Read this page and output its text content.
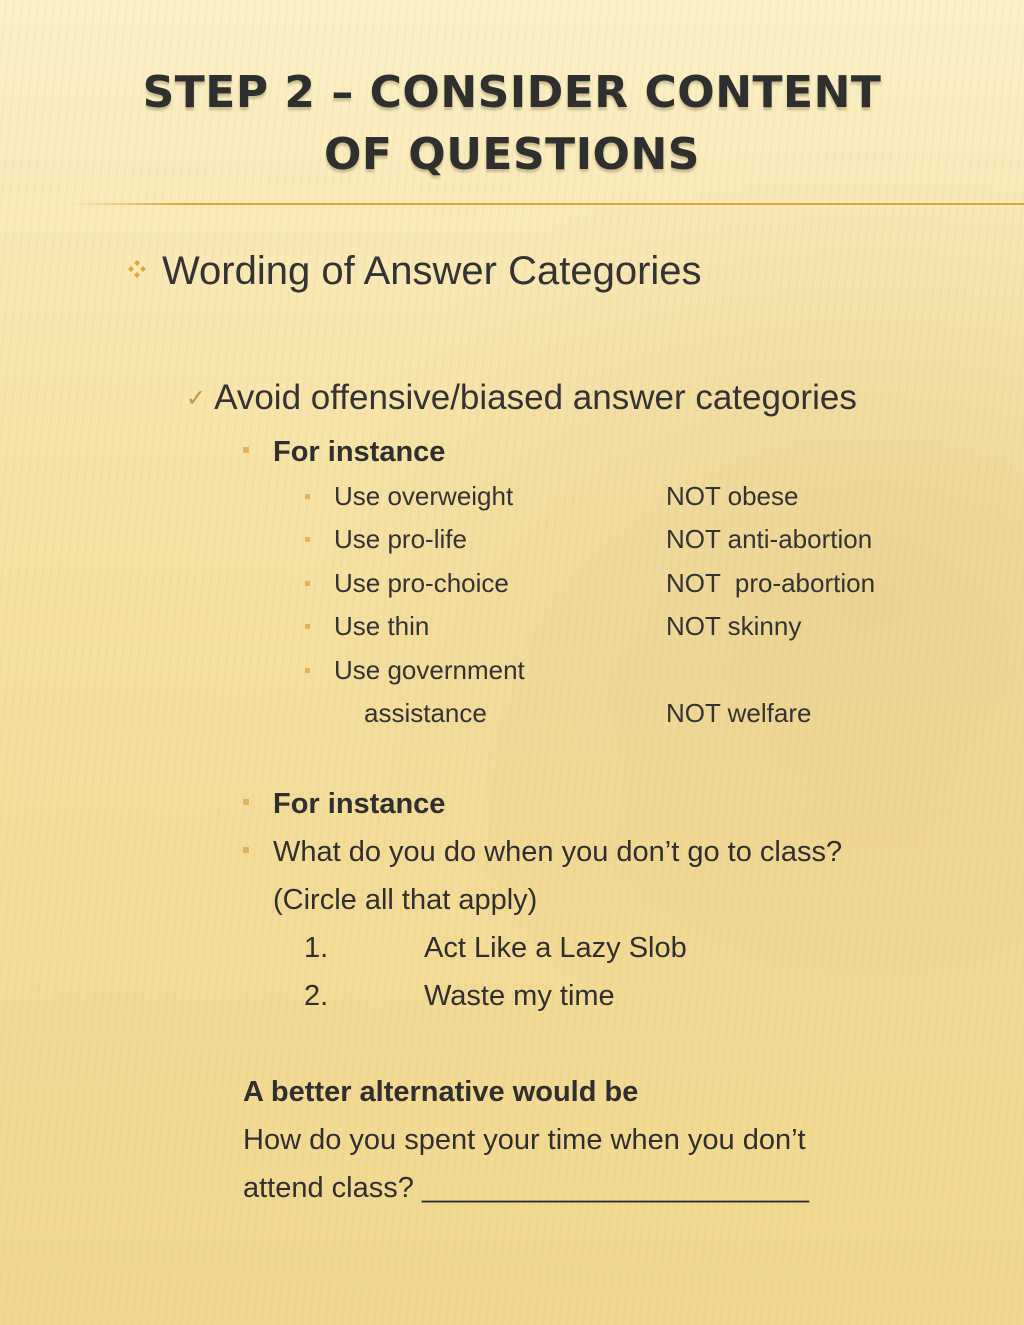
STEP 2 – CONSIDER CONTENT
OF QUESTIONS
Wording of Answer Categories
✓ Avoid offensive/biased answer categories
For instance
Use overweight	NOT obese
Use pro-life	NOT anti-abortion
Use pro-choice	NOT  pro-abortion
Use thin	NOT skinny
Use government
assistance	NOT welfare
For instance
What do you do when you don’t go to class?
(Circle all that apply)
1.	Act Like a Lazy Slob
2.	Waste my time
A better alternative would be
How do you spent your time when you don’t
attend class? ________________________
